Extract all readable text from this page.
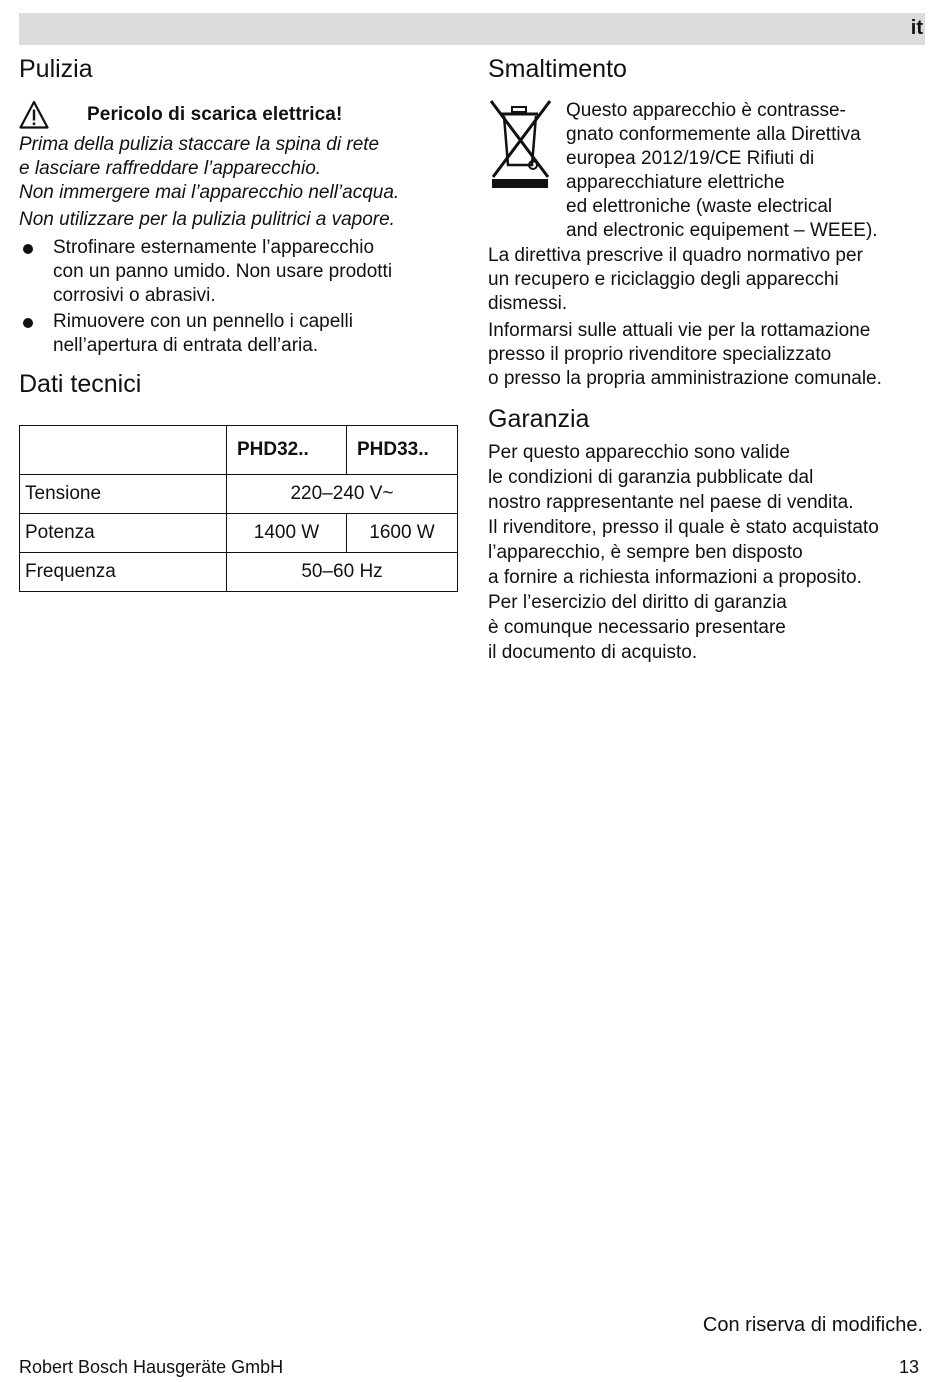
it
Pulizia
Pericolo di scarica elettrica!

Prima della pulizia staccare la spina di rete

e lasciare raffreddare l’apparecchio.

Non immergere mai l’apparecchio nell’acqua.

Non utilizzare per la pulizia pulitrici a vapore.

Strofinare esternamente l’apparecchio
con un panno umido. Non usare prodotti
corrosivi o abrasivi.
Rimuovere con un pennello i capelli
nell’apertura di entrata dell’aria.
Dati tecnici
	PHD32..	PHD33..
Tensione	220–240 V~	
Potenza	1400 W	1600 W
Frequenza	50–60 Hz	
Smaltimento

Questo apparecchio è contrasse-

gnato conformemente alla Direttiva

europea 2012/19/CE Rifiuti di

apparecchiature elettriche

ed elettroniche (waste electrical

and electronic equipement – WEEE).

La direttiva prescrive il quadro normativo per

un recupero e riciclaggio degli apparecchi

dismessi.

Informarsi sulle attuali vie per la rottamazione

presso il proprio rivenditore specializzato

o presso la propria amministrazione comunale.

Garanzia

Per questo apparecchio sono valide

le condizioni di garanzia pubblicate dal

nostro rappresentante nel paese di vendita.

Il rivenditore, presso il quale è stato acquistato

l’apparecchio, è sempre ben disposto

a fornire a richiesta informazioni a proposito.

Per l’esercizio del diritto di garanzia

è comunque necessario presentare

il documento di acquisto.

Con riserva di modifiche.
Robert Bosch Hausgeräte GmbH	13
